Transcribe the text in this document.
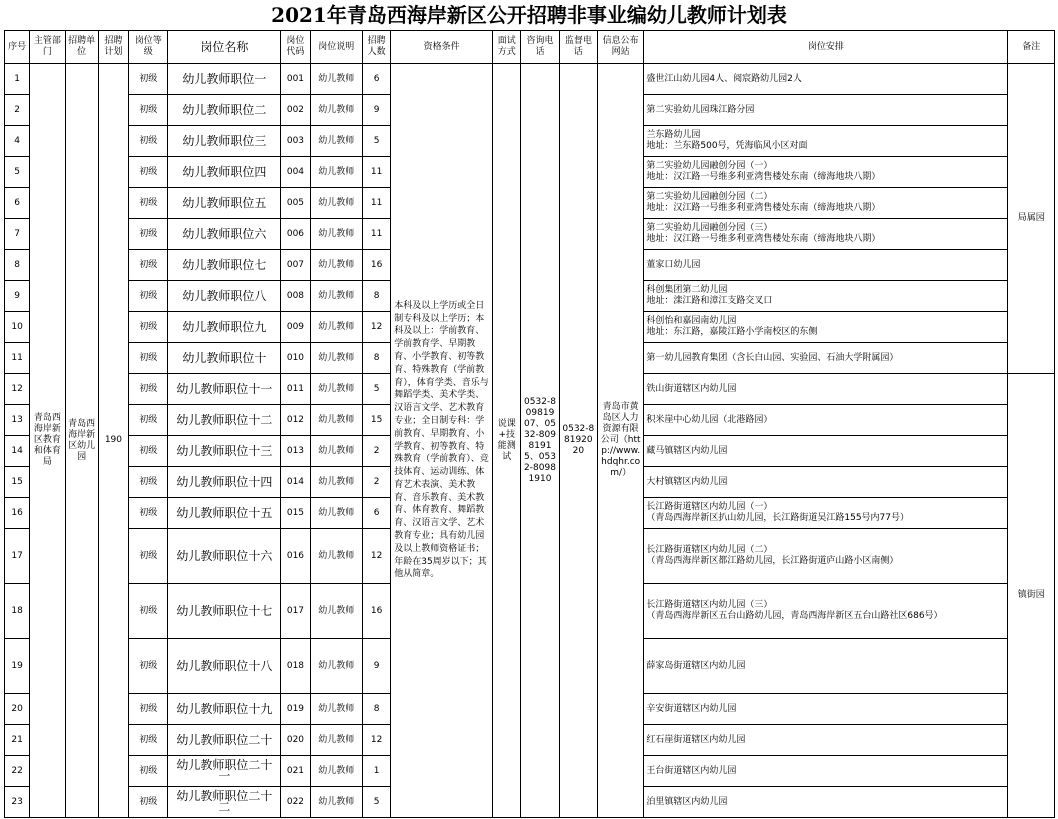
2021年青岛西海岸新区公开招聘非事业编幼儿教师计划表
序号	主管部门	招聘单位	招聘计划	岗位等级	岗位名称	岗位代码	岗位说明	招聘人数	资格条件	面试方式	咨询电话	监督电话	信息公布网站	岗位安排	备注
1	青岛西海岸新区教育和体育局	青岛西海岸新区幼儿园	190	初级	幼儿教师职位一	001	幼儿教师	6	本科及以上学历或全日制专科及以上学历；本科及以上：学前教育、学前教育学、早期教育、小学教育、初等教育、特殊教育（学前教育），体育学类、音乐与舞蹈学类、美术学类、汉语言文学、艺术教育专业；全日制专科：学前教育、早期教育、小学教育、初等教育、特殊教育（学前教育）、竞技体育、运动训练、体育艺术表演、美术教育、音乐教育、美术教育、体育教育、舞蹈教育、汉语言文学、艺术教育专业；具有幼儿园及以上教师资格证书；年龄在35周岁以下；其他从简章。	说课+技能测试	0532-80981907、0532-80981915、0532-80981910	0532-88192020	青岛市黄岛区人力资源有限公司（http://www.hdqhr.com/）	盛世江山幼儿园4人、阅宸路幼儿园2人	局属园
2				初级	幼儿教师职位二	002	幼儿教师	9						第二实验幼儿园珠江路分园	

4				初级	幼儿教师职位三	003	幼儿教师	5						兰东路幼儿园
地址：兰东路500号，凭海临风小区对面	

5				初级	幼儿教师职位四	004	幼儿教师	11						第二实验幼儿园融创分园（一）
地址：汉江路一号维多利亚湾售楼处东南（缔海地块八期）	

6				初级	幼儿教师职位五	005	幼儿教师	11						第二实验幼儿园融创分园（二）
地址：汉江路一号维多利亚湾售楼处东南（缔海地块八期）	

7				初级	幼儿教师职位六	006	幼儿教师	11						第二实验幼儿园融创分园（三）
地址：汉江路一号维多利亚湾售楼处东南（缔海地块八期）	

8				初级	幼儿教师职位七	007	幼儿教师	16						董家口幼儿园	

9				初级	幼儿教师职位八	008	幼儿教师	8						科创集团第二幼儿园
地址：滦江路和漳江支路交叉口	

10				初级	幼儿教师职位九	009	幼儿教师	12						科创怡和嘉园南幼儿园
地址：东江路，嘉陵江路小学南校区的东侧	

11				初级	幼儿教师职位十	010	幼儿教师	8						第一幼儿园教育集团（含长白山园、实验园、石油大学附属园）	

12				初级	幼儿教师职位十一	011	幼儿教师	5						铁山街道辖区内幼儿园	镇街园
13				初级	幼儿教师职位十二	012	幼儿教师	15						积米崖中心幼儿园（北港路园）	

14				初级	幼儿教师职位十三	013	幼儿教师	2						藏马镇辖区内幼儿园	

15				初级	幼儿教师职位十四	014	幼儿教师	2						大村镇辖区内幼儿园	

16				初级	幼儿教师职位十五	015	幼儿教师	6						长江路街道辖区内幼儿园（一）
（青岛西海岸新区扒山幼儿园，长江路街道吴江路155号内77号）	

17				初级	幼儿教师职位十六	016	幼儿教师	12						长江路街道辖区内幼儿园（二）
（青岛西海岸新区都江路幼儿园，长江路街道庐山路小区南侧）	

18				初级	幼儿教师职位十七	017	幼儿教师	16						长江路街道辖区内幼儿园（三）
（青岛西海岸新区五台山路幼儿园，青岛西海岸新区五台山路社区686号）	

19				初级	幼儿教师职位十八	018	幼儿教师	9						薛家岛街道辖区内幼儿园	

20				初级	幼儿教师职位十九	019	幼儿教师	8						辛安街道辖区内幼儿园	

21				初级	幼儿教师职位二十	020	幼儿教师	12						红石崖街道辖区内幼儿园	

22				初级	幼儿教师职位二十一	021	幼儿教师	1						王台街道辖区内幼儿园	

23				初级	幼儿教师职位二十二	022	幼儿教师	5						泊里镇辖区内幼儿园	
